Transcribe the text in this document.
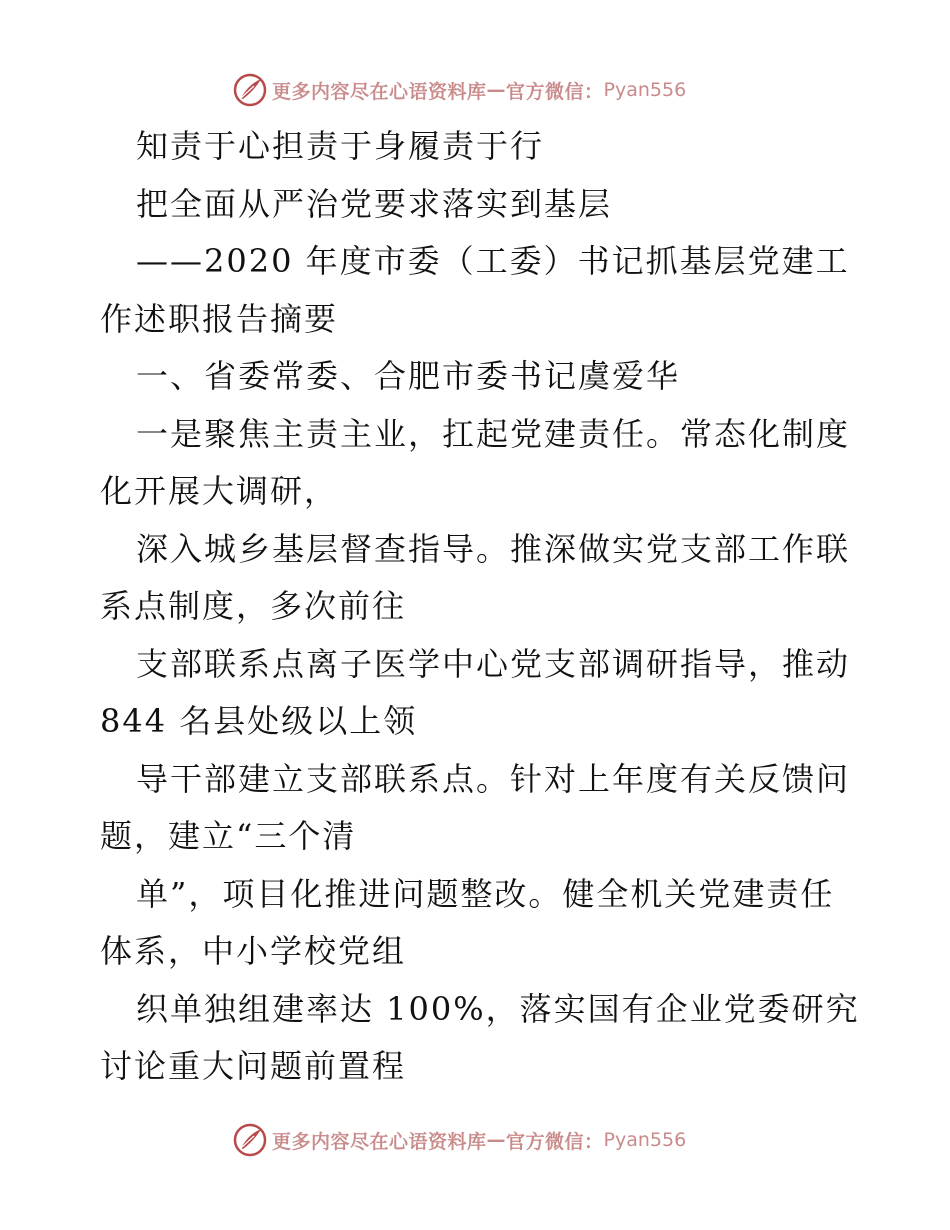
更多内容尽在心语资料库 — 官方微信： Pyan556
知责于心担责于身履责于行
把全面从严治党要求落实到基层
——2020 年度市委（工委）书记抓基层党建工
作述职报告摘要
一、省委常委、合肥市委书记虞爱华
一是聚焦主责主业，扛起党建责任。常态化制度
化开展大调研，
深入城乡基层督查指导。推深做实党支部工作联
系点制度，多次前往
支部联系点离子医学中心党支部调研指导，推动
844 名县处级以上领
导干部建立支部联系点。针对上年度有关反馈问
题，建立“三个清
单”，项目化推进问题整改。健全机关党建责任
体系，中小学校党组
织单独组建率达 100%，落实国有企业党委研究
讨论重大问题前置程
更多内容尽在心语资料库 — 官方微信： Pyan556
